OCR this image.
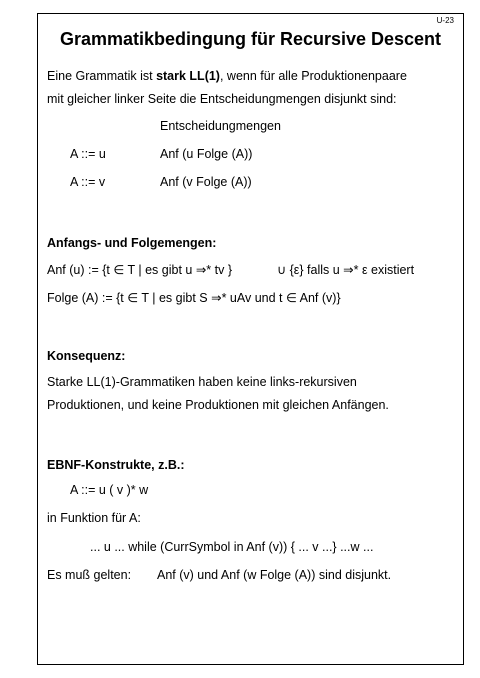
U-23
Grammatikbedingung für Recursive Descent
Eine Grammatik ist stark LL(1), wenn für alle Produktionenpaare
mit gleicher linker Seite die Entscheidungmengen disjunkt sind:
Entscheidungmengen
A ::= u	Anf (u Folge (A))
A ::= v	Anf (v Folge (A))
Anfangs- und Folgemengen:
Anf (u) := {t ∈ T | es gibt u ⇒* tv }	∪ {ε} falls u ⇒* ε existiert
Folge (A) := {t ∈ T | es gibt S ⇒* uAv und t ∈ Anf (v)}
Konsequenz:
Starke LL(1)-Grammatiken haben keine links-rekursiven
Produktionen, und keine Produktionen mit gleichen Anfängen.
EBNF-Konstrukte, z.B.:
A ::= u ( v )* w
in Funktion für A:
... u ... while (CurrSymbol in Anf (v)) { ... v ...} ...w ...
Es muß gelten: Anf (v) und Anf (w Folge (A)) sind disjunkt.
